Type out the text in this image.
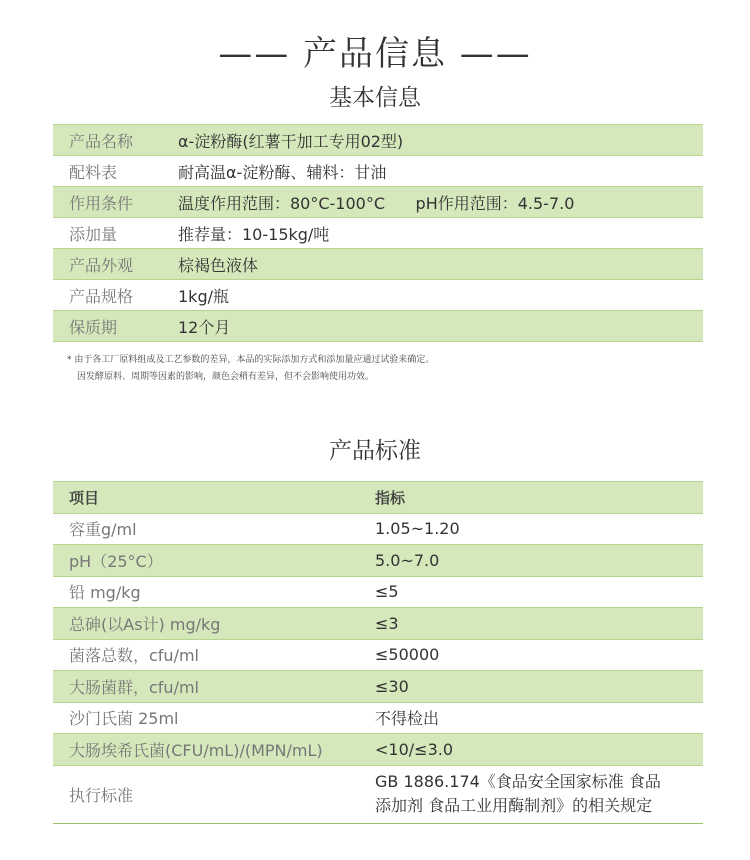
—— 产品信息 ——
基本信息
产品名称	α-淀粉酶(红薯干加工专用02型)
配料表	耐高温α-淀粉酶、辅料：甘油
作用条件	温度作用范围：80°C-100°C      pH作用范围：4.5-7.0
添加量	推荐量：10-15kg/吨
产品外观	棕褐色液体
产品规格	1kg/瓶
保质期	12个月
* 由于各工厂原料组成及工艺参数的差异，本品的实际添加方式和添加量应通过试验来确定。
因发酵原料、周期等因素的影响，颜色会稍有差异，但不会影响使用功效。
产品标准
项目	指标
容重g/ml	1.05~1.20
pH（25°C）	5.0~7.0
铅 mg/kg	≤5
总砷(以As计) mg/kg	≤3
菌落总数，cfu/ml	≤50000
大肠菌群，cfu/ml	≤30
沙门氏菌 25ml	不得检出
大肠埃希氏菌(CFU/mL)/(MPN/mL)	<10/≤3.0
执行标准	GB 1886.174《食品安全国家标准 食品
添加剂 食品工业用酶制剂》的相关规定
